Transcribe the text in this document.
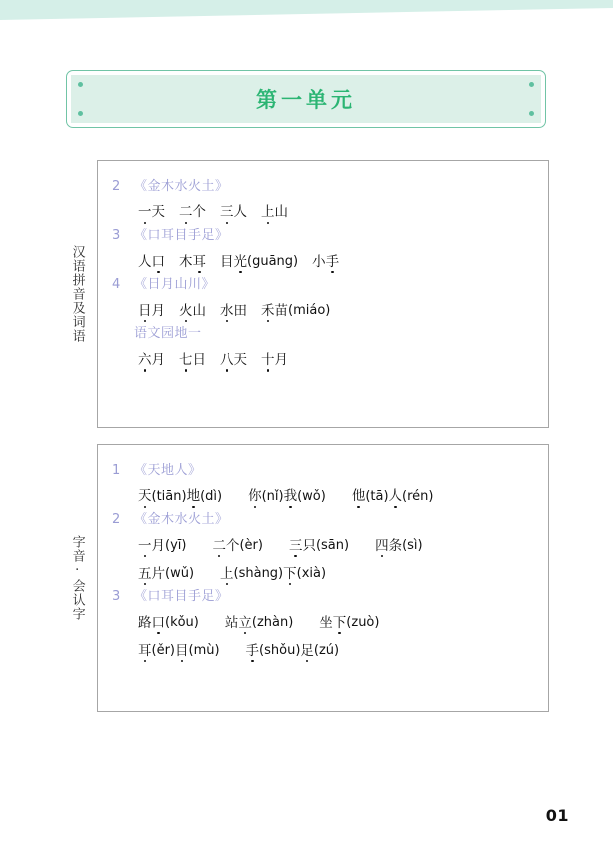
第一单元
汉语拼音及词语
2	《金木水火土》
一 天 二 个 三 人 上 山
3	《口耳目手足》
人 口 木 耳 目 光 (guāng) 小 手
4	《日月山川》
日 月 火 山 水 田 禾 苗 (miáo)
语文园地一
六 月 七 日 八 天 十 月
字音·会认字
1	《天地人》
天 (tiān) 地 (dì) 你 (nǐ) 我 (wǒ) 他 (tā) 人 (rén)
2	《金木水火土》
一 月 (yī) 二 个 (èr) 三 只 (sān) 四 条 (sì)
五 片 (wǔ) 上 (shàng) 下 (xià)
3	《口耳目手足》
路 口 (kǒu) 站 立 (zhàn) 坐 下 (zuò)
耳 (ěr) 目 (mù) 手 (shǒu) 足 (zú)
01
